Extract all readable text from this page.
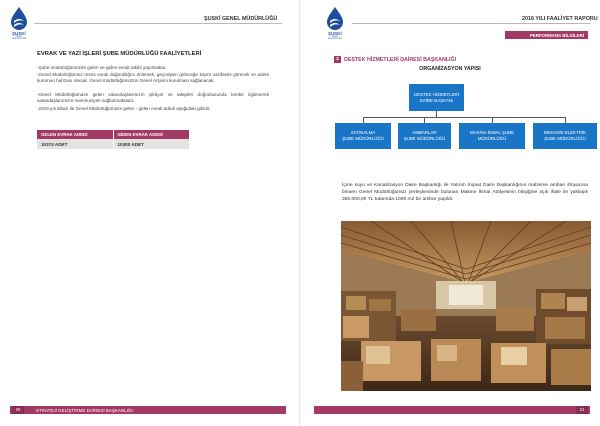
ŞUSKİ
GENEL MÜDÜRLÜĞÜ
ŞUSKİ GENEL MÜDÜRLÜĞÜ
EVRAK VE YAZI İŞLERİ ŞUBE MÜDÜRLÜĞÜ FAALİYETLERİ
-Şube müdürlüğümüzde gelen ve giden evrak takibi yapılmakta.
-Genel Müdürlüğümüz resmi evrak dağınıklığını önlemek, geçmişten geleceğe köprü vazifesini görecek ve adete kurumun hafızası olacak. Genel müdürlüğümüzün Genel Arşivini kurulması sağlanacak.
-Genel Müdürlüğümüze gelen vatandaşlarımızın şikâyet ve talepleri doğrultusunda birebir ilgilenerek vatandaşlarımızın memnuniyeti sağlanmaktadır.
-2016 yılı itibarı ile Genel Müdürlüğümüze gelen - giden evrak adedi aşağıdaki gibidir.
GELEN EVRAK ADEDİ	GİDEN EVRAK ADEDİ
10374 ADET	10300 ADET
STRATEJİ GELİŞTİRME DAİRESİ BAŞKANLIĞI
20
ŞUSKİ
GENEL MÜDÜRLÜĞÜ
2016 YILI FAALİYET RAPORU
PERFORMANS BİLGİLERİ
2 DESTEK HİZMETLERİ DAİRESİ BAŞKANLIĞI
ORGANİZASYON YAPISI
DESTEK HİZMETLERİ
DAİRE BAŞKANI
SATINALMA
ŞUBE MÜDÜRLÜĞÜ
AMBARLAR
ŞUBE MÜDÜRLÜĞÜ
MAKİNA İKMAL ŞUBE
MÜDÜRLÜĞÜ
MEKANİK ELEKTRİK
ŞUBE MÜDÜRLÜĞÜ
İçme suyu ve Kanalizasyon Daire Başkanlığı ile Yatırım İnşaat Daire Başkanlığının malzeme ambarı ihtiyacına binaen Genel Müdürlüğümüz yerleşkesinde bulunan Makine İkmal Atölyesinin bitişiğine açık ihale ile yaklaşık 350.000,00 TL tutarında 1000 m2 bir ambar yapıldı.
21
